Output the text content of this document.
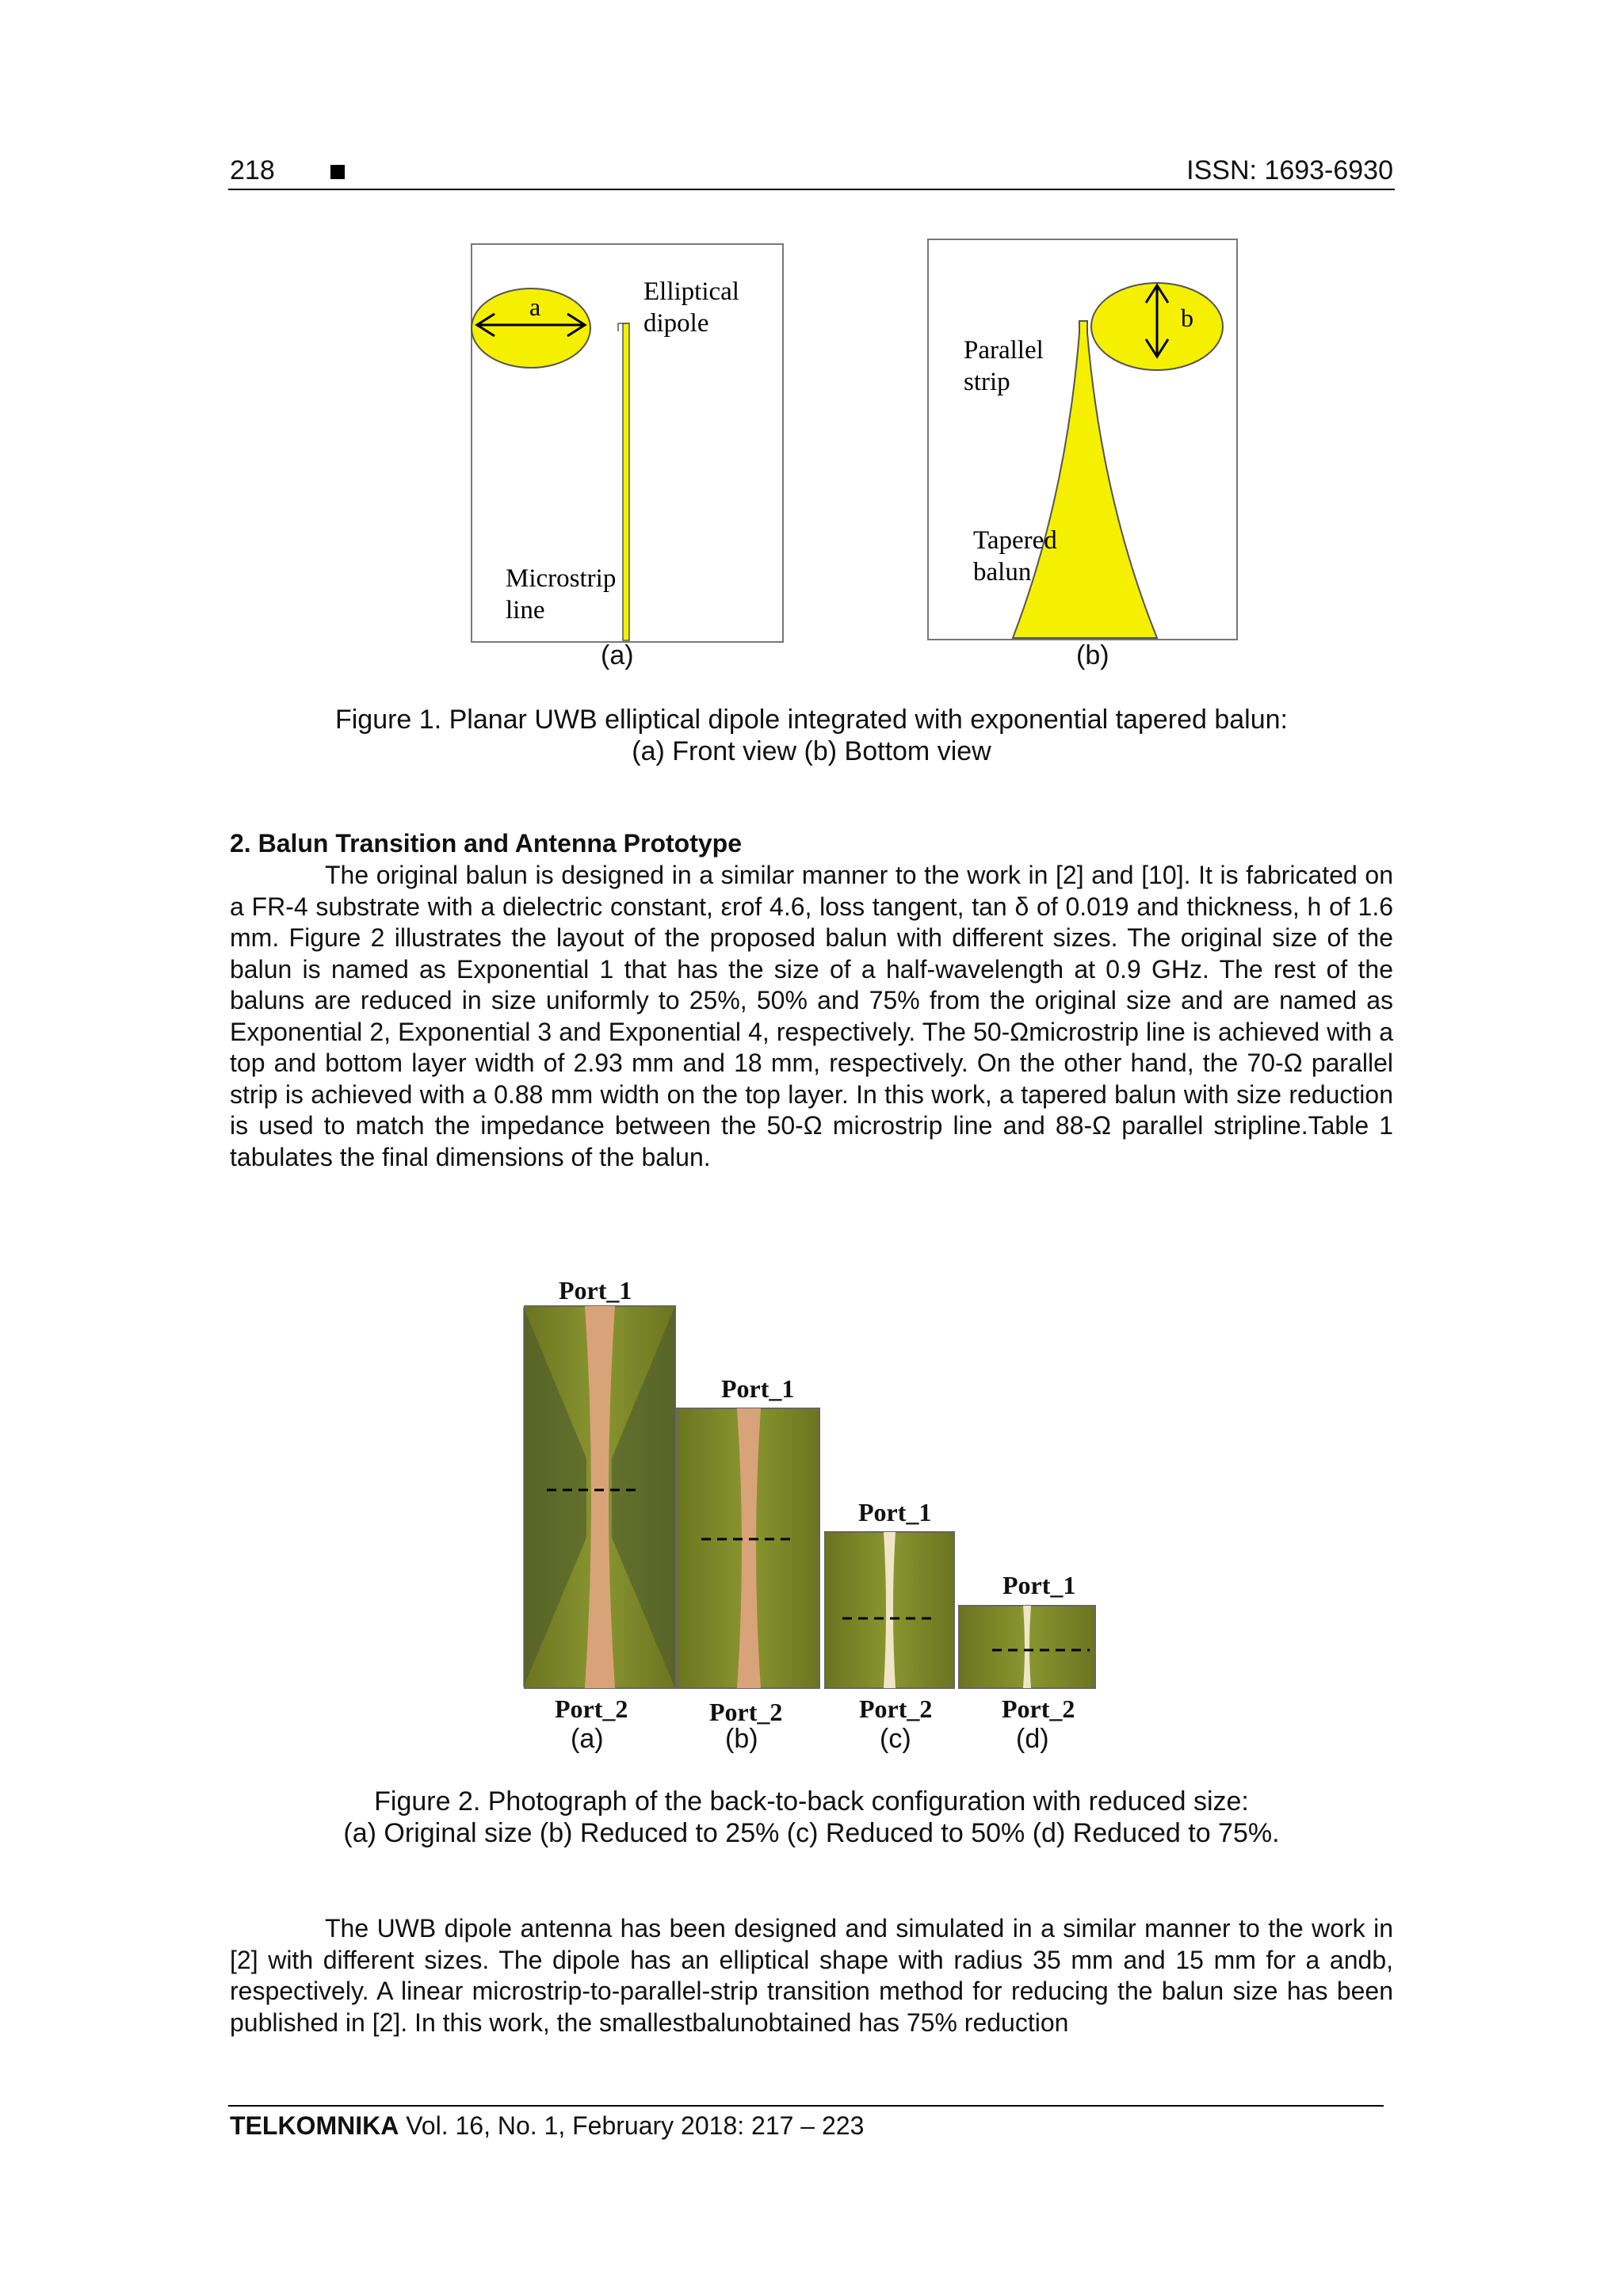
218	ISSN: 1693-6930
a
Elliptical
dipole
Microstrip
line
b
Parallel
strip
Tapered
balun
(a)	(b)
Figure 1. Planar UWB elliptical dipole integrated with exponential tapered balun:
(a) Front view (b) Bottom view
2. Balun Transition and Antenna Prototype
The original balun is designed in a similar manner to the work in [2] and [10]. It is fabricated on a FR-4 substrate with a dielectric constant, εrof 4.6, loss tangent, tan δ of 0.019 and thickness, h of 1.6 mm. Figure 2 illustrates the layout of the proposed balun with different sizes. The original size of the balun is named as Exponential 1 that has the size of a half-wavelength at 0.9 GHz. The rest of the baluns are reduced in size uniformly to 25%, 50% and 75% from the original size and are named as Exponential 2, Exponential 3 and Exponential 4, respectively. The 50-Ωmicrostrip line is achieved with a top and bottom layer width of 2.93 mm and 18 mm, respectively. On the other hand, the 70-Ω parallel strip is achieved with a 0.88 mm width on the top layer. In this work, a tapered balun with size reduction is used to match the impedance between the 50-Ω microstrip line and 88-Ω parallel stripline.Table 1 tabulates the final dimensions of the balun.
Port_1
Port_1
Port_1
Port_1
Port_2	Port_2	Port_2	Port_2
(a)	(b)	(c)	(d)
Figure 2. Photograph of the back-to-back configuration with reduced size:
(a) Original size (b) Reduced to 25% (c) Reduced to 50% (d) Reduced to 75%.
The UWB dipole antenna has been designed and simulated in a similar manner to the work in [2] with different sizes. The dipole has an elliptical shape with radius 35 mm and 15 mm for a andb, respectively. A linear microstrip-to-parallel-strip transition method for reducing the balun size has been published in [2]. In this work, the smallestbalunobtained has 75% reduction
TELKOMNIKA Vol. 16, No. 1, February 2018: 217 – 223
